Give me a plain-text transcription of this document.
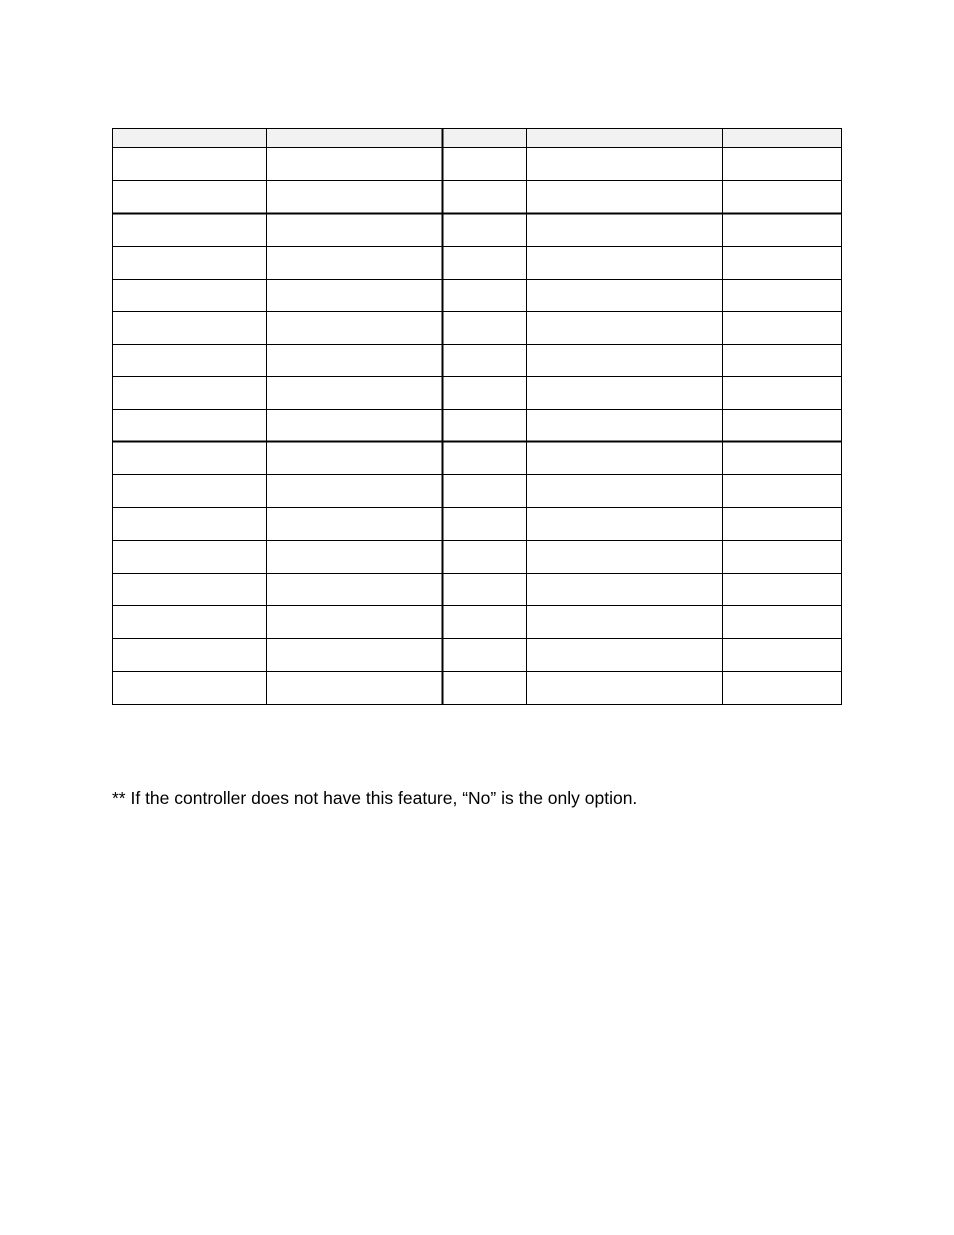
** If the controller does not have this feature, “No” is the only option.
